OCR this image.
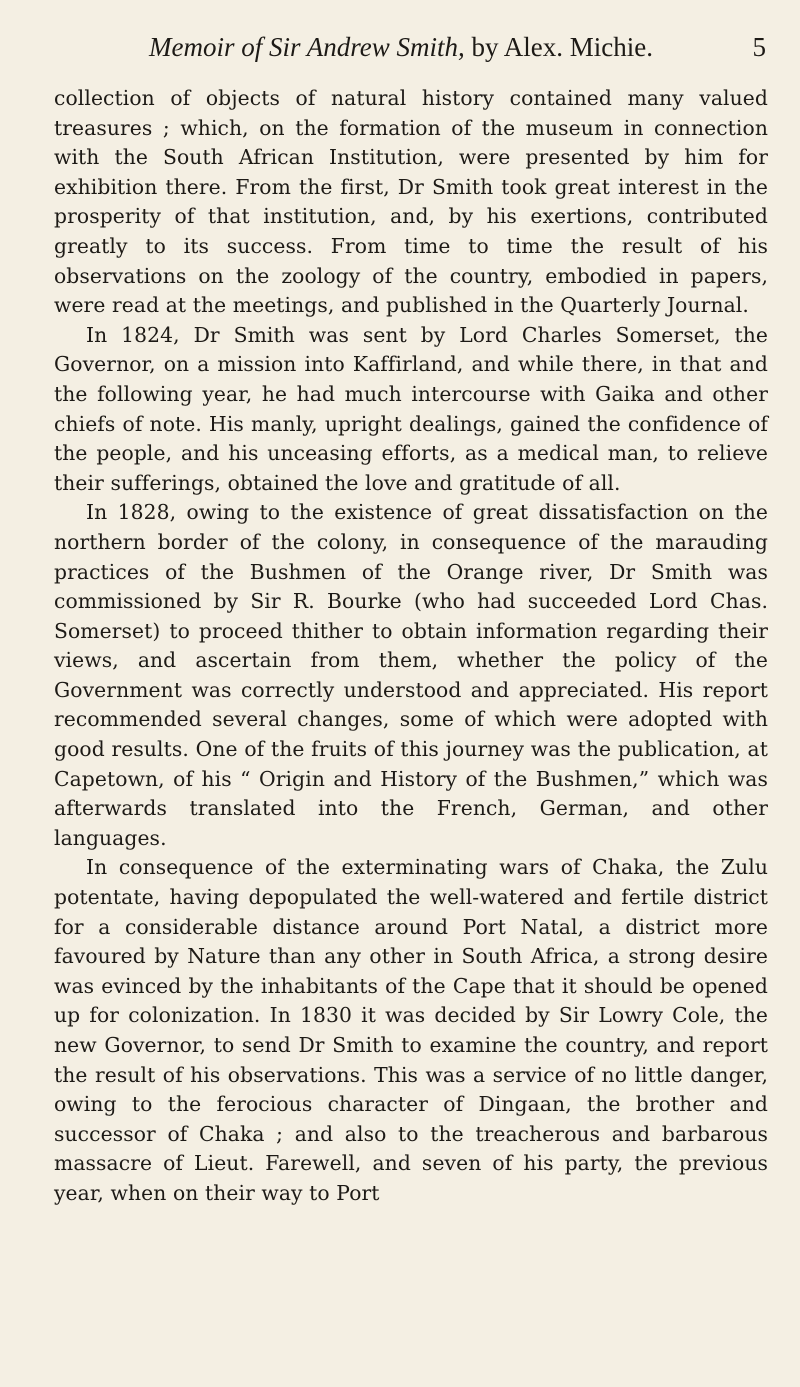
Memoir of Sir Andrew Smith, by Alex. Michie.	5

collection of objects of natural history contained many valued treasures ; which, on the formation of the museum in connection with the South African Institution, were presented by him for exhibition there. From the first, Dr Smith took great interest in the prosperity of that institution, and, by his exertions, contributed greatly to its success. From time to time the result of his observations on the zoology of the country, embodied in papers, were read at the meetings, and published in the Quarterly Journal.

In 1824, Dr Smith was sent by Lord Charles Somerset, the Governor, on a mission into Kaffirland, and while there, in that and the following year, he had much intercourse with Gaika and other chiefs of note. His manly, upright dealings, gained the confidence of the people, and his unceasing efforts, as a medical man, to relieve their sufferings, obtained the love and gratitude of all.

In 1828, owing to the existence of great dissatisfaction on the northern border of the colony, in consequence of the marauding practices of the Bushmen of the Orange river, Dr Smith was commissioned by Sir R. Bourke (who had succeeded Lord Chas. Somerset) to proceed thither to obtain information regarding their views, and ascertain from them, whether the policy of the Government was correctly understood and appreciated. His report recommended several changes, some of which were adopted with good results. One of the fruits of this journey was the publication, at Capetown, of his “ Origin and History of the Bushmen,” which was afterwards translated into the French, German, and other languages.

In consequence of the exterminating wars of Chaka, the Zulu potentate, having depopulated the well-watered and fertile district for a considerable distance around Port Natal, a district more favoured by Nature than any other in South Africa, a strong desire was evinced by the inhabitants of the Cape that it should be opened up for colonization. In 1830 it was decided by Sir Lowry Cole, the new Governor, to send Dr Smith to examine the country, and report the result of his observations. This was a service of no little danger, owing to the ferocious character of Dingaan, the brother and successor of Chaka ; and also to the treacherous and barbarous massacre of Lieut. Farewell, and seven of his party, the previous year, when on their way to Port
